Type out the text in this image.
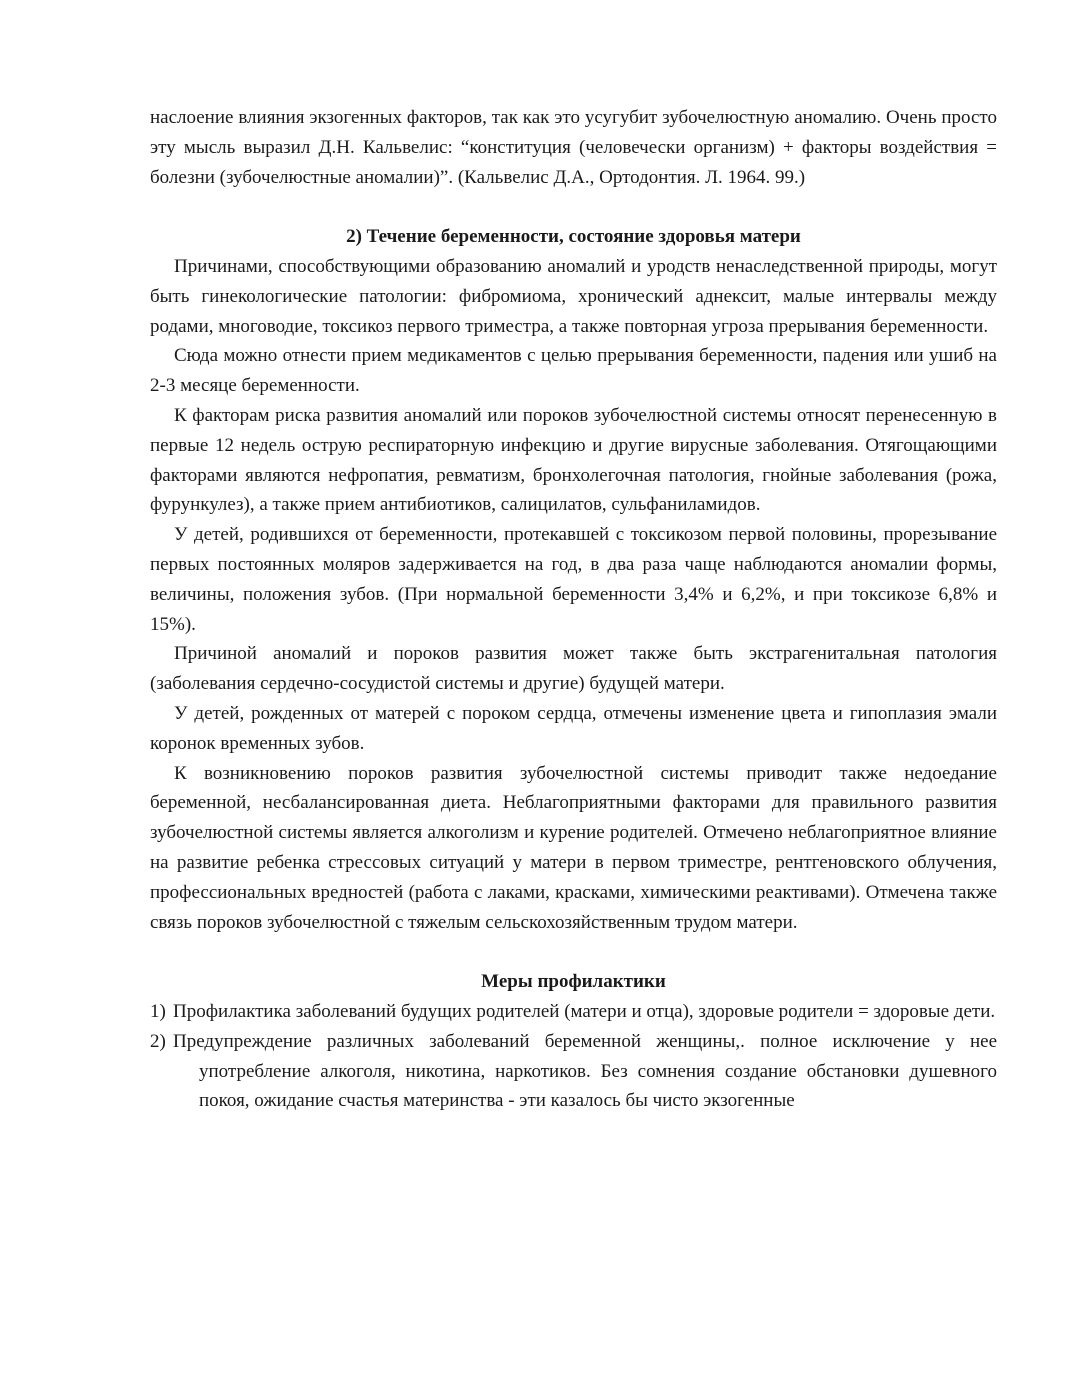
наслоение влияния экзогенных факторов, так как это усугубит зубочелюстную аномалию. Очень просто эту мысль выразил Д.Н. Кальвелис: “конституция (человечески организм) + факторы воздействия = болезни (зубочелюстные аномалии)”. (Кальвелис Д.А., Ортодонтия. Л. 1964. 99.)

2) Течение беременности, состояние здоровья матери

Причинами, способствующими образованию аномалий и уродств ненаследственной природы, могут быть гинекологические патологии: фибромиома, хронический аднексит, малые интервалы между родами, многоводие, токсикоз первого триместра, а также повторная угроза прерывания беременности.

Сюда можно отнести прием медикаментов с целью прерывания беременности, падения или ушиб на 2-3 месяце беременности.

К факторам риска развития аномалий или пороков зубочелюстной системы относят перенесенную в первые 12 недель острую респираторную инфекцию и другие вирусные заболевания. Отягощающими факторами являются нефропатия, ревматизм, бронхолегочная патология, гнойные заболевания (рожа, фурункулез), а также прием антибиотиков, салицилатов, сульфаниламидов.

У детей, родившихся от беременности, протекавшей с токсикозом первой половины, прорезывание первых постоянных моляров задерживается на год, в два раза чаще наблюдаются аномалии формы, величины, положения зубов. (При нормальной беременности 3,4% и 6,2%, и при токсикозе 6,8% и 15%).

Причиной аномалий и пороков развития может также быть экстрагенитальная патология (заболевания сердечно-сосудистой системы и другие) будущей матери.

У детей, рожденных от матерей с пороком сердца, отмечены изменение цвета и гипоплазия эмали коронок временных зубов.

К возникновению пороков развития зубочелюстной системы приводит также недоедание беременной, несбалансированная диета. Неблагоприятными факторами для правильного развития зубочелюстной системы является алкоголизм и курение родителей. Отмечено неблагоприятное влияние на развитие ребенка стрессовых ситуаций у матери в первом триместре, рентгеновского облучения, профессиональных вредностей (работа с лаками, красками, химическими реактивами). Отмечена также связь пороков зубочелюстной с тяжелым сельскохозяйственным трудом матери.

Меры профилактики
1) Профилактика заболеваний будущих родителей (матери и отца), здоровые родители = здоровые дети.
2) Предупреждение различных заболеваний беременной женщины,. полное исключение у нее употребление алкоголя, никотина, наркотиков. Без сомнения создание обстановки душевного покоя, ожидание счастья материнства - эти казалось бы чисто экзогенные
